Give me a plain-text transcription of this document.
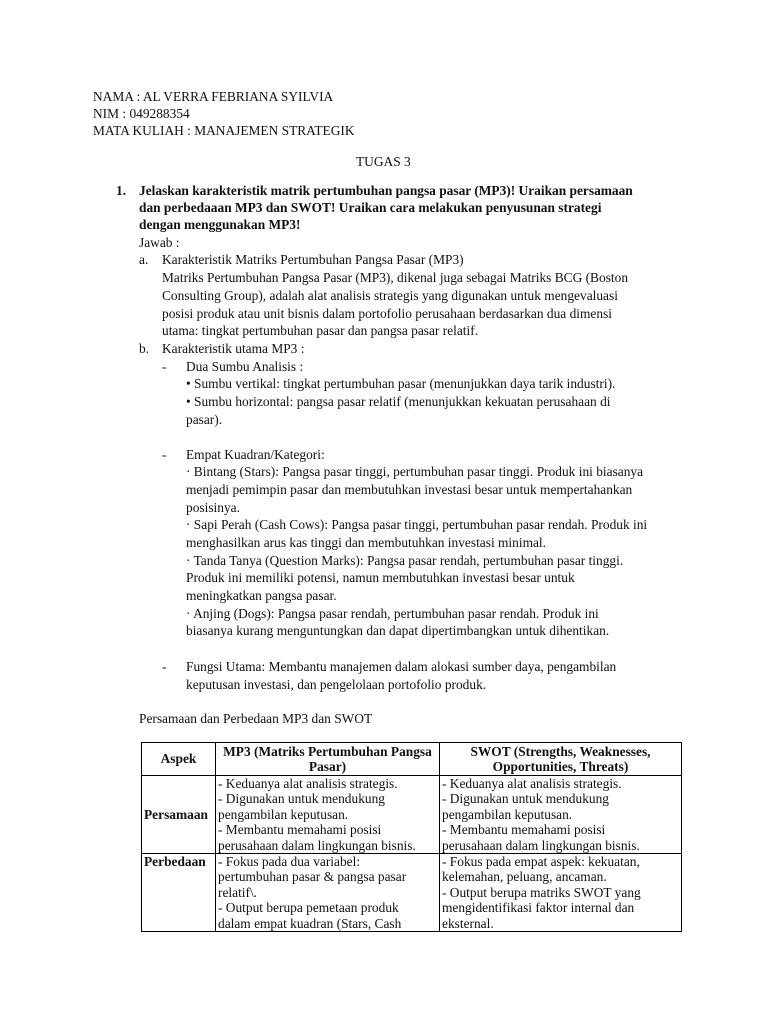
NAMA : AL VERRA FEBRIANA SYILVIA
NIM : 049288354
MATA KULIAH : MANAJEMEN STRATEGIK
TUGAS 3
1. Jelaskan karakteristik matrik pertumbuhan pangsa pasar (MP3)! Uraikan persamaan
dan perbedaaan MP3 dan SWOT! Uraikan cara melakukan penyusunan strategi
dengan menggunakan MP3!
Jawab :
a. Karakteristik Matriks Pertumbuhan Pangsa Pasar (MP3)
Matriks Pertumbuhan Pangsa Pasar (MP3), dikenal juga sebagai Matriks BCG (Boston
Consulting Group), adalah alat analisis strategis yang digunakan untuk mengevaluasi
posisi produk atau unit bisnis dalam portofolio perusahaan berdasarkan dua dimensi
utama: tingkat pertumbuhan pasar dan pangsa pasar relatif.
b. Karakteristik utama MP3 :
- Dua Sumbu Analisis :
• Sumbu vertikal: tingkat pertumbuhan pasar (menunjukkan daya tarik industri).
• Sumbu horizontal: pangsa pasar relatif (menunjukkan kekuatan perusahaan di
pasar).
- Empat Kuadran/Kategori:
· Bintang (Stars): Pangsa pasar tinggi, pertumbuhan pasar tinggi. Produk ini biasanya
menjadi pemimpin pasar dan membutuhkan investasi besar untuk mempertahankan
posisinya.
· Sapi Perah (Cash Cows): Pangsa pasar tinggi, pertumbuhan pasar rendah. Produk ini
menghasilkan arus kas tinggi dan membutuhkan investasi minimal.
· Tanda Tanya (Question Marks): Pangsa pasar rendah, pertumbuhan pasar tinggi.
Produk ini memiliki potensi, namun membutuhkan investasi besar untuk
meningkatkan pangsa pasar.
· Anjing (Dogs): Pangsa pasar rendah, pertumbuhan pasar rendah. Produk ini
biasanya kurang menguntungkan dan dapat dipertimbangkan untuk dihentikan.
- Fungsi Utama: Membantu manajemen dalam alokasi sumber daya, pengambilan
keputusan investasi, dan pengelolaan portofolio produk.
Persamaan dan Perbedaan MP3 dan SWOT
Aspek	MP3 (Matriks Pertumbuhan Pangsa
Pasar)	SWOT (Strengths, Weaknesses,
Opportunities, Threats)

Persamaan	- Keduanya alat analisis strategis.
- Digunakan untuk mendukung
pengambilan keputusan.
- Membantu memahami posisi
perusahaan dalam lingkungan bisnis.	- Keduanya alat analisis strategis.
- Digunakan untuk mendukung
pengambilan keputusan.
- Membantu memahami posisi
perusahaan dalam lingkungan bisnis.

Perbedaan	- Fokus pada dua variabel:
pertumbuhan pasar & pangsa pasar
relatif\.
- Output berupa pemetaan produk
dalam empat kuadran (Stars, Cash	- Fokus pada empat aspek: kekuatan,
kelemahan, peluang, ancaman.
- Output berupa matriks SWOT yang
mengidentifikasi faktor internal dan
eksternal.
